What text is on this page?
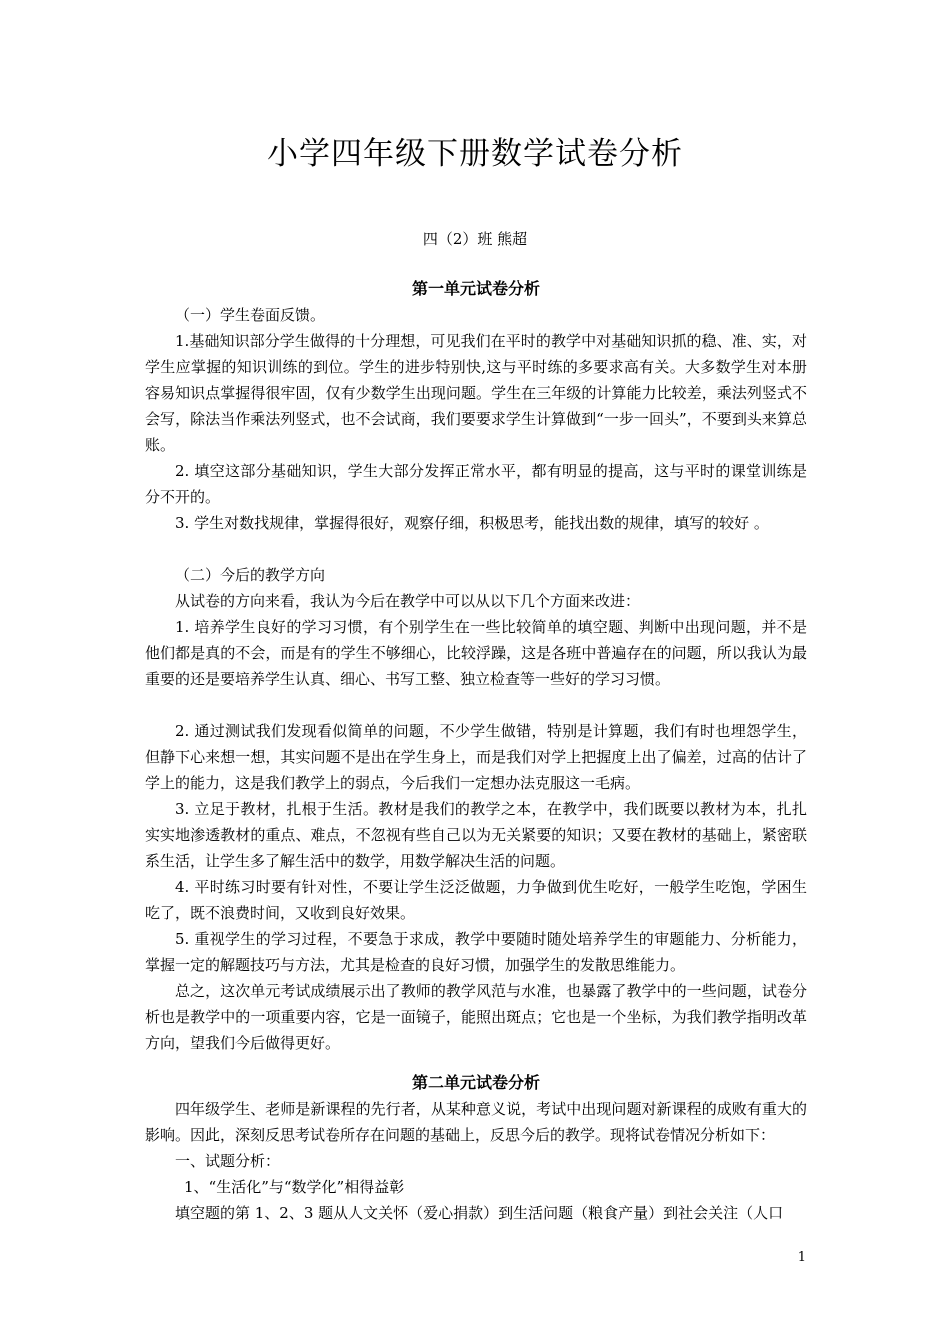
小学四年级下册数学试卷分析
四（2）班 熊超
第一单元试卷分析
（一）学生卷面反馈。
1.基础知识部分学生做得的十分理想，可见我们在平时的教学中对基础知识抓的稳、准、实，对学生应掌握的知识训练的到位。学生的进步特别快,这与平时练的多要求高有关。大多数学生对本册容易知识点掌握得很牢固，仅有少数学生出现问题。学生在三年级的计算能力比较差，乘法列竖式不会写，除法当作乘法列竖式，也不会试商，我们要要求学生计算做到“一步一回头”，不要到头来算总账。
2. 填空这部分基础知识，学生大部分发挥正常水平，都有明显的提高，这与平时的课堂训练是分不开的。
3. 学生对数找规律，掌握得很好，观察仔细，积极思考，能找出数的规律，填写的较好 。
（二）今后的教学方向
从试卷的方向来看，我认为今后在教学中可以从以下几个方面来改进：
1. 培养学生良好的学习习惯，有个别学生在一些比较简单的填空题、判断中出现问题，并不是他们都是真的不会，而是有的学生不够细心，比较浮躁，这是各班中普遍存在的问题，所以我认为最重要的还是要培养学生认真、细心、书写工整、独立检查等一些好的学习习惯。
2. 通过测试我们发现看似简单的问题，不少学生做错，特别是计算题，我们有时也埋怨学生，但静下心来想一想，其实问题不是出在学生身上，而是我们对学上把握度上出了偏差，过高的估计了学上的能力，这是我们教学上的弱点，今后我们一定想办法克服这一毛病。
3. 立足于教材，扎根于生活。教材是我们的教学之本，在教学中，我们既要以教材为本，扎扎实实地渗透教材的重点、难点，不忽视有些自己以为无关紧要的知识；又要在教材的基础上，紧密联系生活，让学生多了解生活中的数学，用数学解决生活的问题。
4. 平时练习时要有针对性，不要让学生泛泛做题，力争做到优生吃好，一般学生吃饱，学困生吃了，既不浪费时间，又收到良好效果。
5. 重视学生的学习过程，不要急于求成，教学中要随时随处培养学生的审题能力、分析能力，掌握一定的解题技巧与方法，尤其是检查的良好习惯，加强学生的发散思维能力。
总之，这次单元考试成绩展示出了教师的教学风范与水准，也暴露了教学中的一些问题，试卷分析也是教学中的一项重要内容，它是一面镜子，能照出斑点；它也是一个坐标，为我们教学指明改革方向，望我们今后做得更好。
第二单元试卷分析
四年级学生、老师是新课程的先行者，从某种意义说，考试中出现问题对新课程的成败有重大的影响。因此，深刻反思考试卷所存在问题的基础上，反思今后的教学。现将试卷情况分析如下：
一、试题分析：
1、“生活化”与“数学化”相得益彰
填空题的第 1、2、3 题从人文关怀（爱心捐款）到生活问题（粮食产量）到社会关注（人口
1
